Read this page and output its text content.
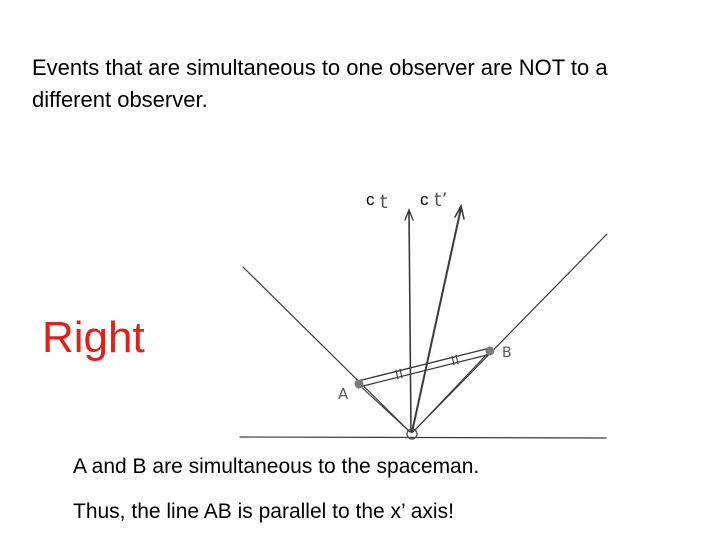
Events that are simultaneous to one observer are NOT to a different observer.
t t’
A
B
O
c	c
Right
A and B are simultaneous to the spaceman.
Thus, the line AB is parallel to the x’ axis!
